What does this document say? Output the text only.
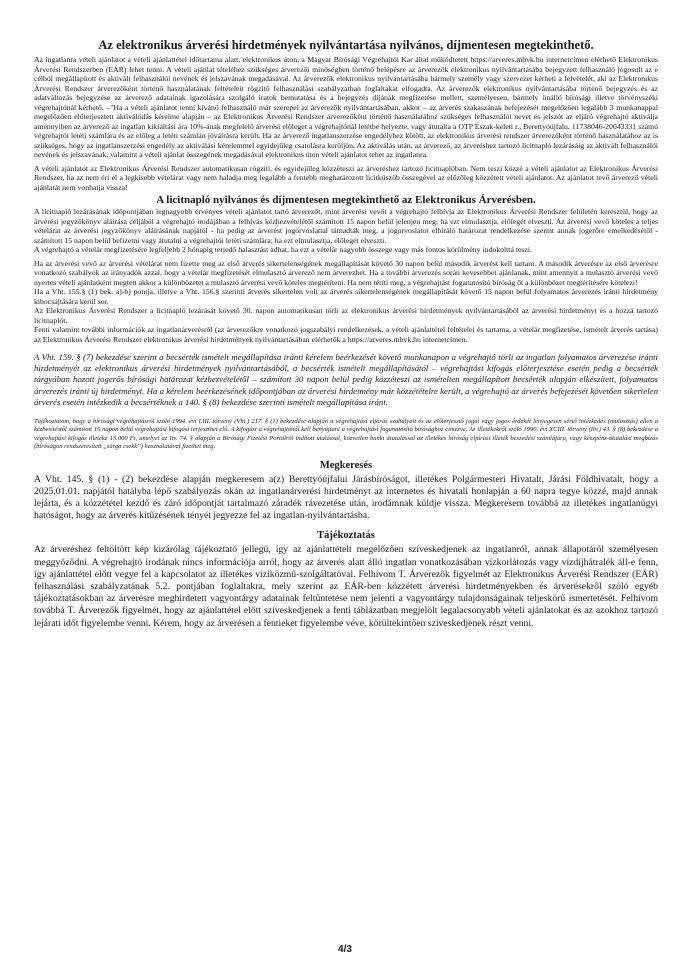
Az elektronikus árverési hirdetmények nyilvántartása nyilvános, díjmentesen megtekinthető.

Az ingatlanra vételi ajánlatot a vételi ajánlattétel időtartama alatt, elektronikus úton, a Magyar Bírósági Végrehajtói Kar által működtetett https://arveres.mbvk.hu internetcímen elérhető Elektronikus Árverési Rendszerben (EÁR) lehet tenni. A vételi ajánlat tételéhez szükséges árverezői minőségben történő belépésre az árverezők elektronikus nyilvántartásába bejegyzett felhasználó jogosult az e célból megállapított és aktivált felhasználói nevének és jelszavának megadásával. Az árverezők elektronikus nyilvántartásába bármely személy vagy szervezet kérheti a felvételét, aki az Elektronikus Árverési Rendszer árverezőként történő használatának feltételeit rögzítő felhasználási szabályzatban foglaltakat elfogadta. Az árverezők elektronikus nyilvántartásába történő bejegyzés és az adatváltozás bejegyzése az árverező adatainak igazolására szolgáló iratok bemutatása és a bejegyzés díjának megfizetése mellett, személyesen, bármely önálló bírósági illetve törvényszéki végrehajtónál kérhető. –"Ha a vételi ajánlatot tenni kívánó felhasználó már szerepel az árverezők nyilvántartásában, akkor – az árverés szakaszának befejezését megelőzően legalább 3 munkanappal megelőzően előterjesztett aktiválódás kérelme alapján – az Elektronikus Árverési Rendszer árverezőként történő használatához szükséges felhasználói nevet és jelszót az eljáró végrehajtó aktiválja amennyiben az árverező az ingatlan kikiáltási ára 10%-ának megfelelő árverési előleget a végrehajtónál letétbe helyezte, vagy átutalta a OTP Észak-keleti r., Berettyóújfalu, 11738046-20043331 számú végrehajtói letéti számlára és az előleg a letéti számlán jóváírásra került. Ha az árverező ingatlanszerzése engedélyhez kötött, az elektronikus árverési rendszer árverezőként történő használatához az is szükséges, hogy az ingatlanszerzési engedély az aktiválási kérelemmel egyidejűleg csatolásra kerüljön. Az aktiválás után, az árverező, az árveréshez tartozó licitnapló lezárásáig az aktivált felhasználói nevének és jelszavának, valamint a vételi ajánlat összegének megadásával elektronikus úton vételi ajánlatot tehet az ingatlanra.

A vételi ajánlatot az Elektronikus Árverési Rendszer automatikusan rögzíti, és egyidejűleg közzéteszi az árveréshez tartozó licitnaplóban. Nem teszi közzé a vételi ajánlatot az Elektronikus Árverési Rendszer, ha az nem éri el a legkisebb vételárat vagy nem haladja meg legalább a fentebb meghatározott licitküszöb összegével az előzőleg közzétett vételi ajánlatot. Az ajánlatot tevő árverező vételi ajánlatát nem vonhatja vissza!

A licitnapló nyilvános és díjmentesen megtekinthető az Elektronikus Árverésben.

A licitnapló lezárásának időpontjában legnagyobb érvényes vételi ajánlatot tartó árverezőt, mint árverési vevőt a végrehajtó felhívja az Elektronikus Árverési Rendszer felületén keresztül, hogy az árverési jegyzőkönyv aláírása céljából a végrehajtó irodájában a felhívás kézhezvételétől számított 15 napon belül jelenjen meg; ha ezt elmulasztja, előlegét elveszti. Az árverési vevő köteles a teljes vételárat az árverési jegyzőkönyv aláírásának napjától - ha pedig az árverést jogorvoslattal támadták meg, a jogorvoslatot elbíráló határozat rendelkezése szerint annak jogerőre emelkedésétől - számított 15 napon belül befizetni vagy átutalni a végrehajtói letéti számlára; ha ezt elmulasztja, előlegét elveszti.

A végrehajtó a vételár megfizetésére legfeljebb 2 hónapig terjedő halasztást adhat, ha ezt a vételár nagyobb összege vagy más fontos körülmény indokolttá teszi.

Ha az árverési vevő az árverési vételárat nem fizette meg az első árverés sikertelenségének megállapítását követő 30 napon belül második árverést kell tartani. A második árverésre az első árverésre vonatkozó szabályok az irányadók azzal, hogy a vételár megfizetését elmulasztó árverező nem árverezhet. Ha a további árverezés során kevesebbet ajánlanak, mint amennyit a mulasztó árverési vevő nyertes vételi ajánlatként megtett akkor a különbözetet a mulasztó árverési vevő köteles megtéríteni. Ha nem téríti meg, a végrehajtást foganatosító bíróság őt a különbözet megtérítésére kötelezi!

Ha a Vht. 155.§ (1) bek. a)-b) pontja, illetve a Vht. 156.§ szerinti árverés sikertelen volt az árverés sikertelenségének megállapítását követő 15 napon belül folyamatos árverezés iránti hirdetmény kibocsájtására kerül sor.

Az Elektronikus Árverési Rendszer a licitnapló lezárását követő 30. napon automatikusan törli az elektronikus árverési hirdetmények nyilvántartásából az árverési hirdetményt és a hozzá tartozó licitnaplót.

Fenti valamint további információk az ingatlanárverésről (az árverezőkre vonatkozó jogszabályi rendelkezések, a vételi ajánlattétel feltételei és tartama, a vételár megfizetése, ismételt árverés tartása) az Elektronikus Árverési Rendszer elektronikus árverési hirdetmények nyilvántartásában elérhetők a https://arveres.mbvk.hu internetcímen.

A Vht. 159. § (7) bekezdése szerint a becsérték ismételt megállapítása iránti kérelem beérkezését követő munkanapon a végrehajtó törli az ingatlan folyamatos árverezése iránti hirdetményét az elektronikus árverési hirdetmények nyilvántartásából, a becsérték ismételt megállapításától – végrehajtási kifogás előterjesztése esetén pedig a becsérték tárgyában hozott jogerős bírósági határozat kézhezvételétől – számított 30 napon belül pedig közzéteszi az ismételten megállapított becsérték alapján elkészített, folyamatos árverezés iránti új hirdetményt. Ha a kérelem beérkezésének időpontjában az árverési hirdetmény már közzétételre került, a végrehajtó az árverés befejezését követően sikertelen árverés esetén intézkedik a becsértéknek a 140. § (8) bekezdése szerinti ismételt megállapítása iránt.

Tájékoztatom, hogy a bírósági végrehajtásról szóló 1994. évi LIII. törvény (Vht.) 217. § (1) bekezdése alapján a végrehajtási eljárás szabályait és az előterjesztő jogát vagy jogos érdekét lényegesen sértő intézkedés (mulasztás) ellen a kézbesítéstől számított 15 napon belül végrehajtási kifogást terjeszthet elő. A kifogást a végrehajtónál kell benyújtani a végrehajtást foganatosító bírósághoz címezve. Az illetékekről szóló 1990. évi XCIII. törvény (Itv.) 43. § (8) bekezdése a végrehajtási kifogás illetéke 15.000 Ft, amelyet az Itv. 74. § alapján a Bírósági Fizetési Portálról indított utalással, közvetlen banki átutalással az illetékes bíróság eljárási illeték beszedési számlájára, vagy készpénz-átutalási megbízás (bíróságon rendszeresített „sárga csekk”) használatával fizethet meg.

Megkeresés

A Vht. 145. § (1) - (2) bekezdése alapján megkeresem a(z) Berettyóújfalui Járásbíróságot, illetékes Polgármesteri Hivatalt, Járási Földhivatalt, hogy a 2025.01.01. napjától hatályba lépő szabályozás okán az ingatlanárverési hirdetményt az internetes és hivatali honlapján a 60 napra tegye közzé, majd annak lejárta, és a közzététel kezdő és záró időpontját tartalmazó záradék rávezetése után, irodámnak küldje vissza. Megkeresem továbbá az illetékes ingatlanügyi hatóságot, hogy az árverés kitűzésének tényét jegyezze fel az ingatlan-nyilvántartásba.

Tájékoztatás

Az árveréshez feltöltött kép kizárólag tájékoztató jellegű, így az ajánlattételt megelőzően szíveskedjenek az ingatlanról, annak állapotáról személyesen meggyőződni. A végrehajtó irodának nincs információja arról, hogy az árverés alatt álló ingatlan vonatkozásában vízkorlátozás vagy vízdíjhátralék áll-e fenn, így ajánlattétel előtt vegye fel a kapcsolatot az illetékes víziközmű-szolgáltatóval. Felhívom T. Árverezők figyelmét az Elektronikus Árverési Rendszer (EÁR) felhasználási szabályzatának 5.2. pontjában foglaltakra, mely szerint az EÁR-ben közzétett árverési hirdetményekben és árverésekről szóló egyéb tájékoztatásokban az árverésre meghirdetett vagyontárgy adatainak feltüntetése nem jelenti a vagyontárgy tulajdonságainak teljeskörű ismertetését. Felhívom továbbá T. Árverezők figyelmét, hogy az ajánlattétel előtt szíveskedjenek a fenti táblázatban megjelölt legalacsonyabb vételi ajánlatokat és az azokhoz tartozó lejárati időt figyelembe venni. Kérem, hogy az árverésen a fentieket figyelembe véve, körültekintően szíveskedjenek részt venni.

4/3
